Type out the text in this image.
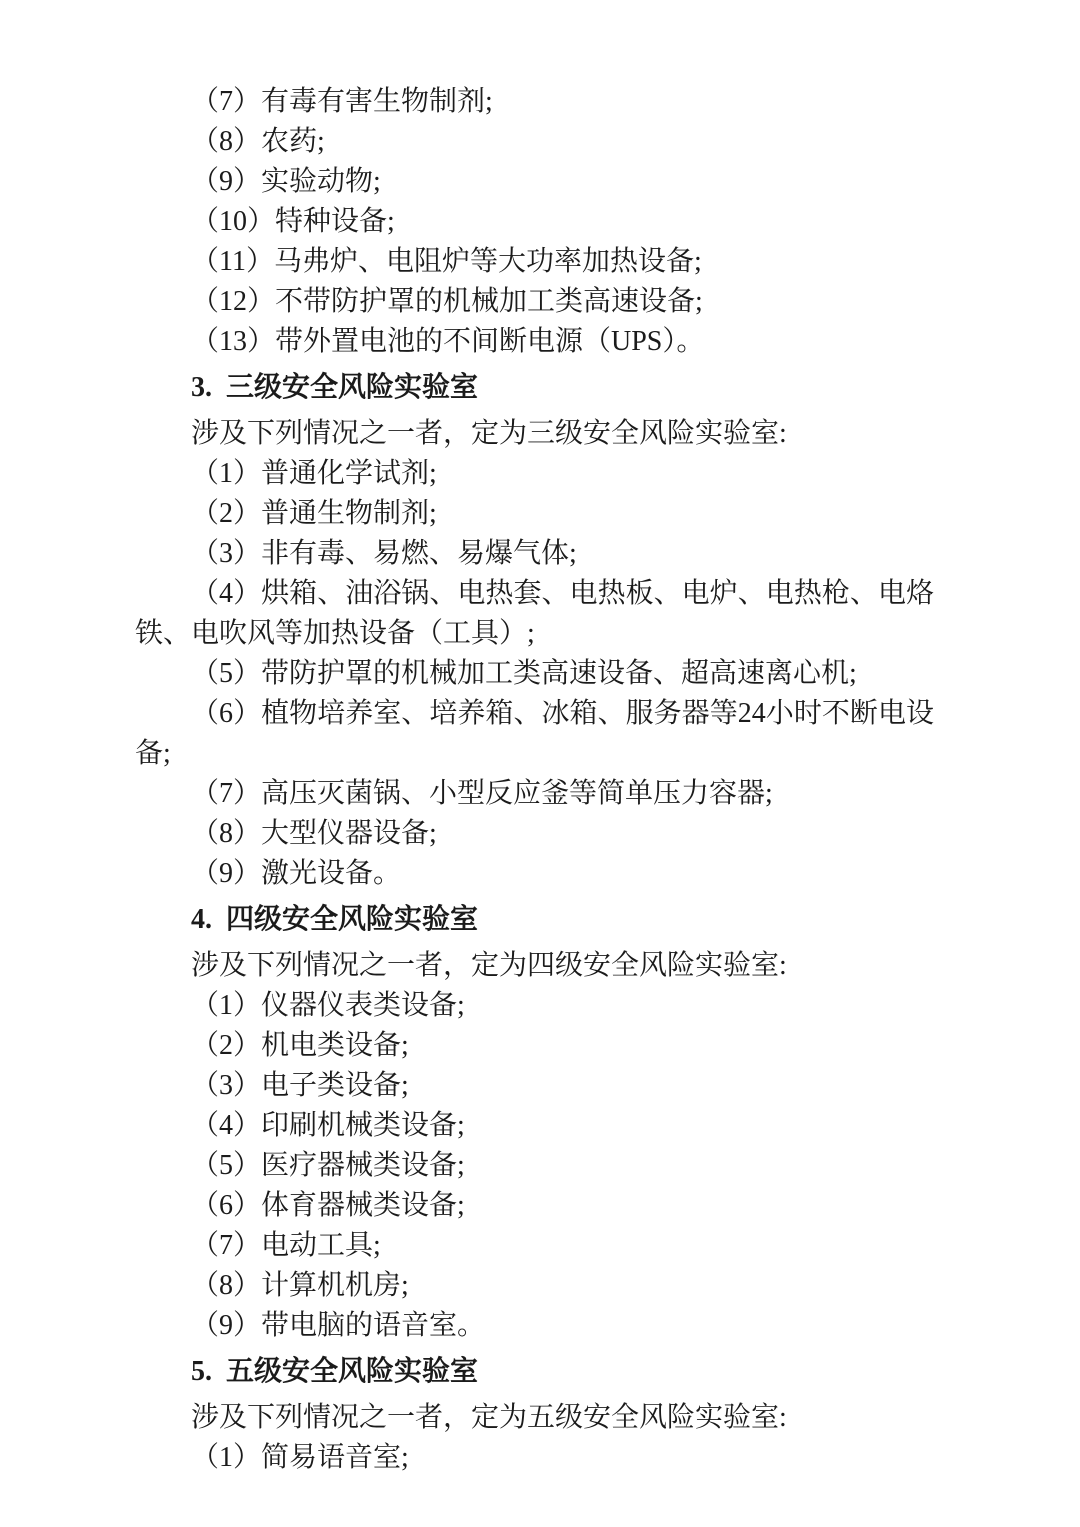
（7）有毒有害生物制剂;

（8）农药;

（9）实验动物;

（10）特种设备;

（11）马弗炉、电阻炉等大功率加热设备;

（12）不带防护罩的机械加工类高速设备;

（13）带外置电池的不间断电源（UPS）。

3. 三级安全风险实验室

涉及下列情况之一者，定为三级安全风险实验室:

（1）普通化学试剂;

（2）普通生物制剂;

（3）非有毒、易燃、易爆气体;

（4）烘箱、油浴锅、电热套、电热板、电炉、电热枪、电烙铁、电吹风等加热设备（工具）;

（5）带防护罩的机械加工类高速设备、超高速离心机;

（6）植物培养室、培养箱、冰箱、服务器等24小时不断电设备;

（7）高压灭菌锅、小型反应釜等简单压力容器;

（8）大型仪器设备;

（9）激光设备。

4. 四级安全风险实验室

涉及下列情况之一者，定为四级安全风险实验室:

（1）仪器仪表类设备;

（2）机电类设备;

（3）电子类设备;

（4）印刷机械类设备;

（5）医疗器械类设备;

（6）体育器械类设备;

（7）电动工具;

（8）计算机机房;

（9）带电脑的语音室。

5. 五级安全风险实验室

涉及下列情况之一者，定为五级安全风险实验室:

（1）简易语音室;
